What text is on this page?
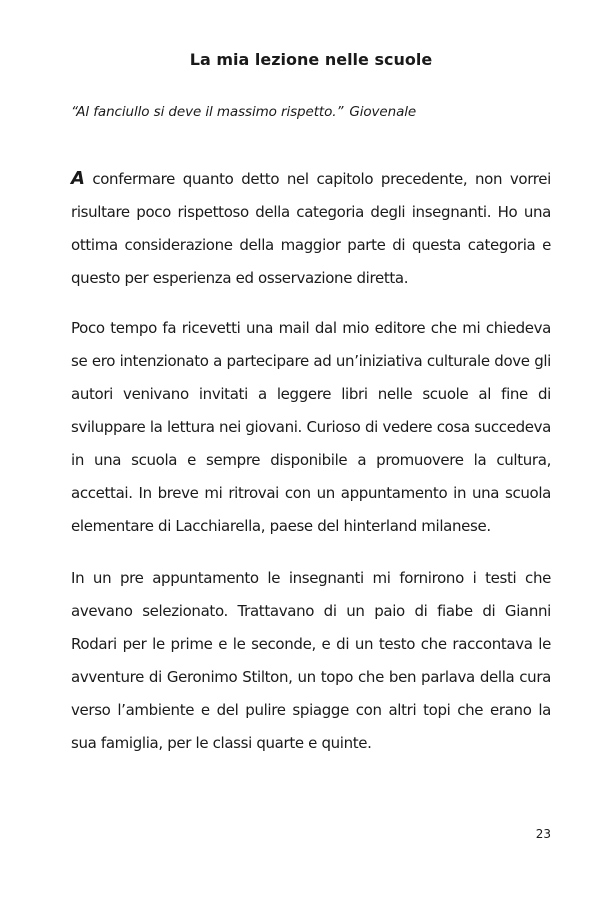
La mia lezione nelle scuole

“Al fanciullo si deve il massimo rispetto.” Giovenale

A confermare quanto detto nel capitolo precedente, non vorrei risultare poco rispettoso della categoria degli insegnanti. Ho una ottima considerazione della maggior parte di questa categoria e questo per esperienza ed osservazione diretta.

Poco tempo fa ricevetti una mail dal mio editore che mi chiedeva se ero intenzionato a partecipare ad un’iniziativa culturale dove gli autori venivano invitati a leggere libri nelle scuole al fine di sviluppare la lettura nei giovani. Curioso di vedere cosa succedeva in una scuola e sempre disponibile a promuovere la cultura, accettai. In breve mi ritrovai con un appuntamento in una scuola elementare di Lacchiarella, paese del hinterland milanese.

In un pre appuntamento le insegnanti mi fornirono i testi che avevano selezionato. Trattavano di un paio di fiabe di Gianni Rodari per le prime e le seconde, e di un testo che raccontava le avventure di Geronimo Stilton, un topo che ben parlava della cura verso l’ambiente e del pulire spiagge con altri topi che erano la sua famiglia, per le classi quarte e quinte.

23
